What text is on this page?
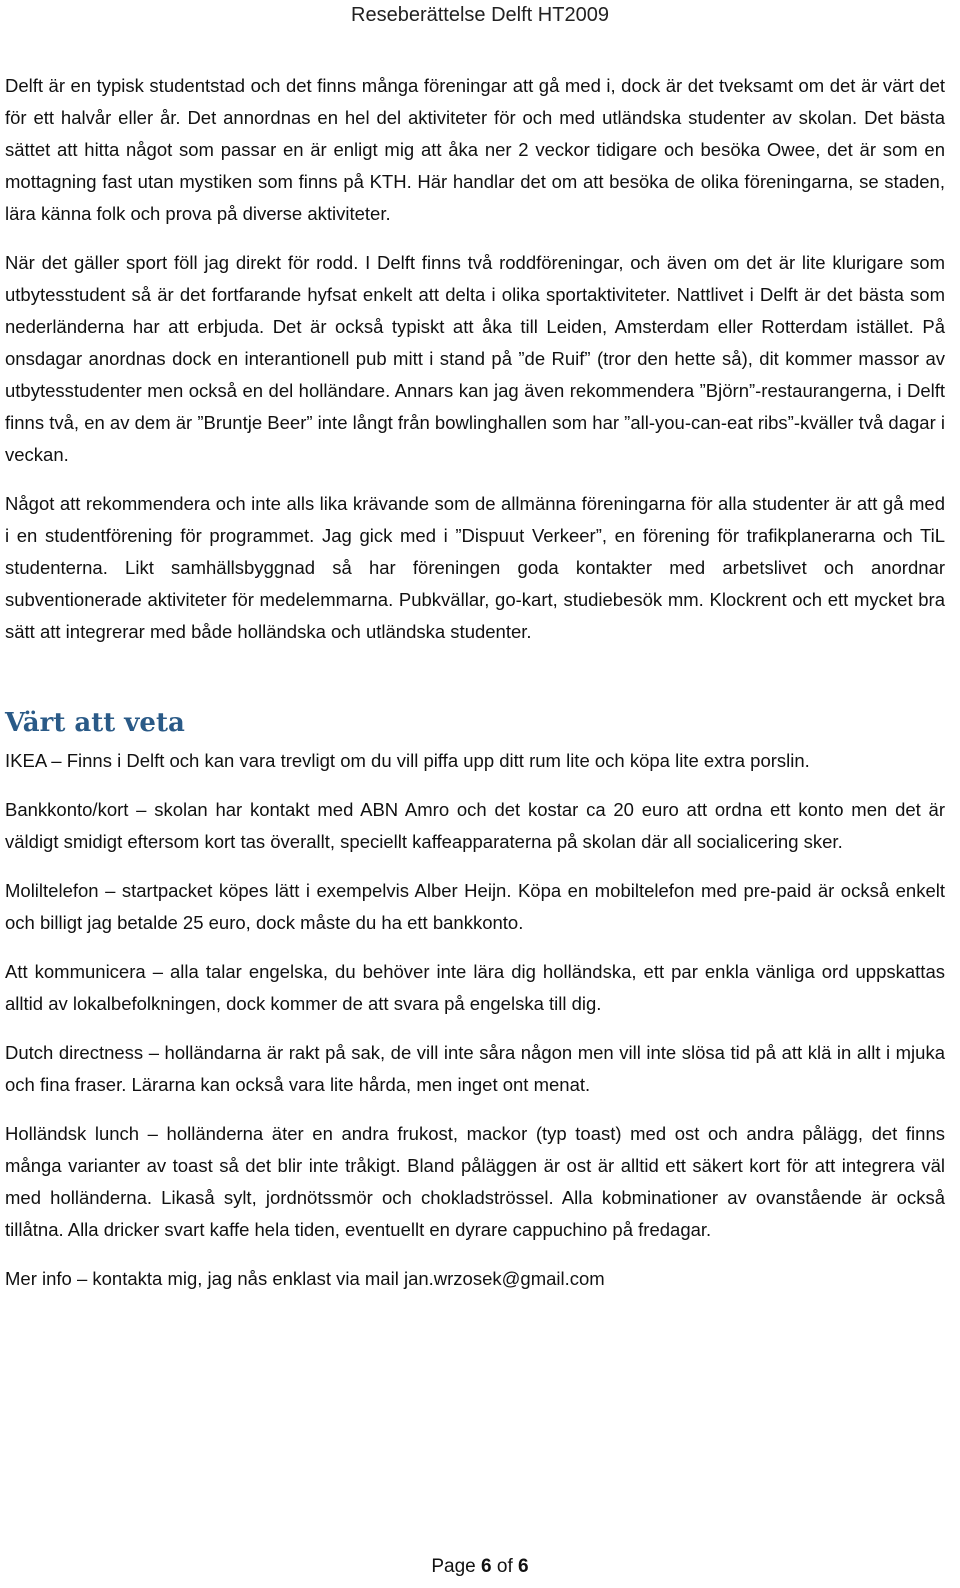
Reseberättelse Delft HT2009

Delft är en typisk studentstad och det finns många föreningar att gå med i, dock är det tveksamt om det är värt det för ett halvår eller år. Det annordnas en hel del aktiviteter för och med utländska studenter av skolan. Det bästa sättet att hitta något som passar en är enligt mig att åka ner 2 veckor tidigare och besöka Owee, det är som en mottagning fast utan mystiken som finns på KTH. Här handlar det om att besöka de olika föreningarna, se staden, lära känna folk och prova på diverse aktiviteter.

När det gäller sport föll jag direkt för rodd. I Delft finns två roddföreningar, och även om det är lite klurigare som utbytesstudent så är det fortfarande hyfsat enkelt att delta i olika sportaktiviteter. Nattlivet i Delft är det bästa som nederländerna har att erbjuda. Det är också typiskt att åka till Leiden, Amsterdam eller Rotterdam istället. På onsdagar anordnas dock en interantionell pub mitt i stand på ”de Ruif” (tror den hette så), dit kommer massor av utbytesstudenter men också en del holländare. Annars kan jag även rekommendera ”Björn”-restaurangerna, i Delft finns två, en av dem är ”Bruntje Beer” inte långt från bowlinghallen som har ”all-you-can-eat ribs”-kväller två dagar i veckan.

Något att rekommendera och inte alls lika krävande som de allmänna föreningarna för alla studenter är att gå med i en studentförening för programmet. Jag gick med i ”Dispuut Verkeer”, en förening för trafikplanerarna och TiL studenterna. Likt samhällsbyggnad så har föreningen goda kontakter med arbetslivet och anordnar subventionerade aktiviteter för medelemmarna. Pubkvällar, go-kart, studiebesök mm. Klockrent och ett mycket bra sätt att integrerar med både holländska och utländska studenter.

Värt att veta

IKEA – Finns i Delft och kan vara trevligt om du vill piffa upp ditt rum lite och köpa lite extra porslin.

Bankkonto/kort – skolan har kontakt med ABN Amro och det kostar ca 20 euro att ordna ett konto men det är väldigt smidigt eftersom kort tas överallt, speciellt kaffeapparaterna på skolan där all socialicering sker.

Moliltelefon – startpacket köpes lätt i exempelvis Alber Heijn. Köpa en mobiltelefon med pre-paid är också enkelt och billigt jag betalde 25 euro, dock måste du ha ett bankkonto.

Att kommunicera – alla talar engelska, du behöver inte lära dig holländska, ett par enkla vänliga ord uppskattas alltid av lokalbefolkningen, dock kommer de att svara på engelska till dig.

Dutch directness – holländarna är rakt på sak, de vill inte såra någon men vill inte slösa tid på att klä in allt i mjuka och fina fraser. Lärarna kan också vara lite hårda, men inget ont menat.

Holländsk lunch – holländerna äter en andra frukost, mackor (typ toast) med ost och andra pålägg, det finns många varianter av toast så det blir inte tråkigt. Bland påläggen är ost är alltid ett säkert kort för att integrera väl med holländerna. Likaså sylt, jordnötssmör och chokladströssel. Alla kobminationer av ovanstående är också tillåtna. Alla dricker svart kaffe hela tiden, eventuellt en dyrare cappuchino på fredagar.

Mer info – kontakta mig, jag nås enklast via mail jan.wrzosek@gmail.com

Page 6 of 6
